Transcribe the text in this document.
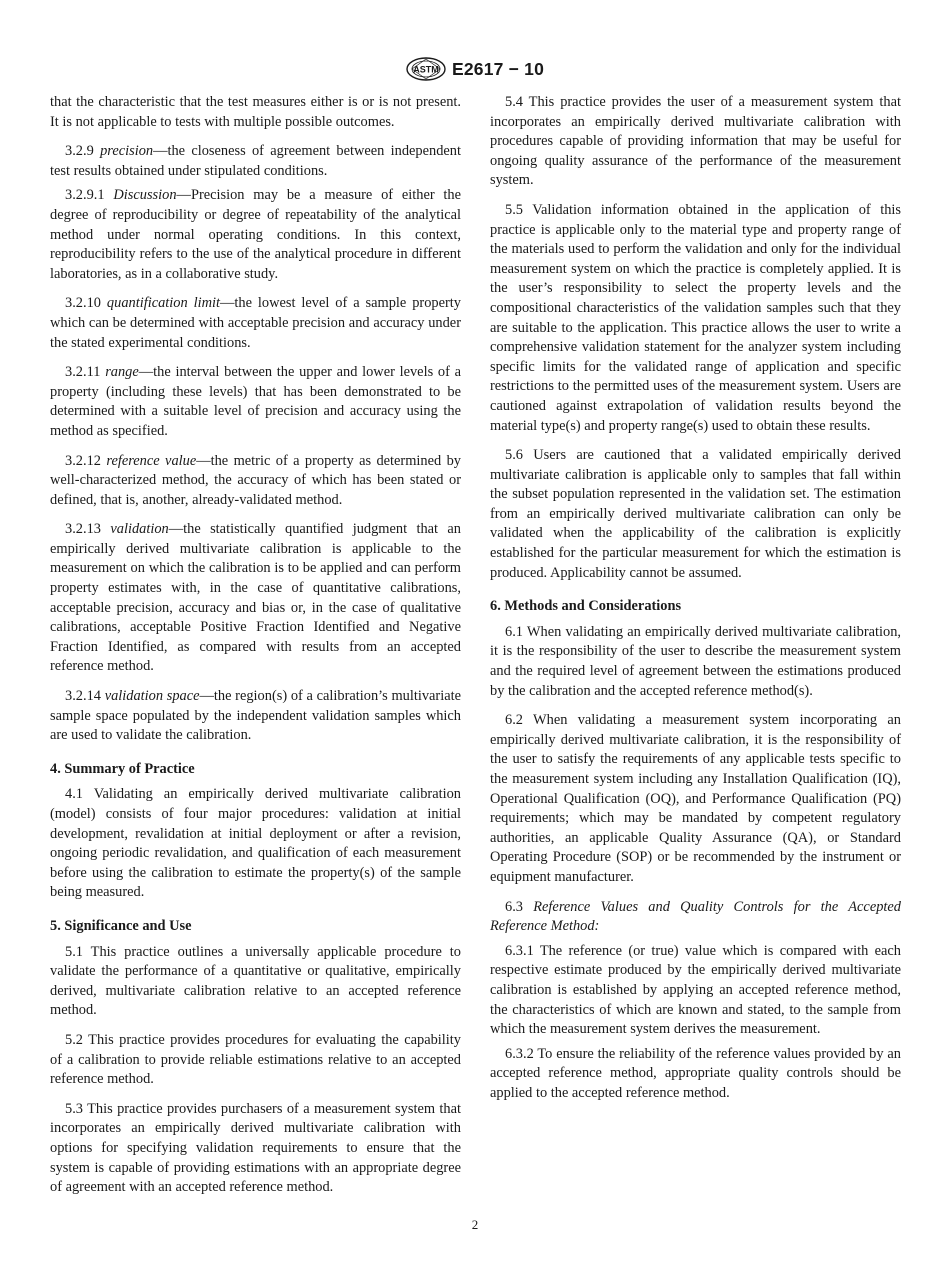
ASTM E2617 − 10

that the characteristic that the test measures either is or is not present. It is not applicable to tests with multiple possible outcomes.

3.2.9 precision—the closeness of agreement between independent test results obtained under stipulated conditions.

3.2.9.1 Discussion—Precision may be a measure of either the degree of reproducibility or degree of repeatability of the analytical method under normal operating conditions. In this context, reproducibility refers to the use of the analytical procedure in different laboratories, as in a collaborative study.

3.2.10 quantification limit—the lowest level of a sample property which can be determined with acceptable precision and accuracy under the stated experimental conditions.

3.2.11 range—the interval between the upper and lower levels of a property (including these levels) that has been demonstrated to be determined with a suitable level of precision and accuracy using the method as specified.

3.2.12 reference value—the metric of a property as determined by well-characterized method, the accuracy of which has been stated or defined, that is, another, already-validated method.

3.2.13 validation—the statistically quantified judgment that an empirically derived multivariate calibration is applicable to the measurement on which the calibration is to be applied and can perform property estimates with, in the case of quantitative calibrations, acceptable precision, accuracy and bias or, in the case of qualitative calibrations, acceptable Positive Fraction Identified and Negative Fraction Identified, as compared with results from an accepted reference method.

3.2.14 validation space—the region(s) of a calibration’s multivariate sample space populated by the independent validation samples which are used to validate the calibration.

4. Summary of Practice

4.1 Validating an empirically derived multivariate calibration (model) consists of four major procedures: validation at initial development, revalidation at initial deployment or after a revision, ongoing periodic revalidation, and qualification of each measurement before using the calibration to estimate the property(s) of the sample being measured.

5. Significance and Use

5.1 This practice outlines a universally applicable procedure to validate the performance of a quantitative or qualitative, empirically derived, multivariate calibration relative to an accepted reference method.

5.2 This practice provides procedures for evaluating the capability of a calibration to provide reliable estimations relative to an accepted reference method.

5.3 This practice provides purchasers of a measurement system that incorporates an empirically derived multivariate calibration with options for specifying validation requirements to ensure that the system is capable of providing estimations with an appropriate degree of agreement with an accepted reference method.

5.4 This practice provides the user of a measurement system that incorporates an empirically derived multivariate calibration with procedures capable of providing information that may be useful for ongoing quality assurance of the performance of the measurement system.

5.5 Validation information obtained in the application of this practice is applicable only to the material type and property range of the materials used to perform the validation and only for the individual measurement system on which the practice is completely applied. It is the user’s responsibility to select the property levels and the compositional characteristics of the validation samples such that they are suitable to the application. This practice allows the user to write a comprehensive validation statement for the analyzer system including specific limits for the validated range of application and specific restrictions to the permitted uses of the measurement system. Users are cautioned against extrapolation of validation results beyond the material type(s) and property range(s) used to obtain these results.

5.6 Users are cautioned that a validated empirically derived multivariate calibration is applicable only to samples that fall within the subset population represented in the validation set. The estimation from an empirically derived multivariate calibration can only be validated when the applicability of the calibration is explicitly established for the particular measurement for which the estimation is produced. Applicability cannot be assumed.

6. Methods and Considerations

6.1 When validating an empirically derived multivariate calibration, it is the responsibility of the user to describe the measurement system and the required level of agreement between the estimations produced by the calibration and the accepted reference method(s).

6.2 When validating a measurement system incorporating an empirically derived multivariate calibration, it is the responsibility of the user to satisfy the requirements of any applicable tests specific to the measurement system including any Installation Qualification (IQ), Operational Qualification (OQ), and Performance Qualification (PQ) requirements; which may be mandated by competent regulatory authorities, an applicable Quality Assurance (QA), or Standard Operating Procedure (SOP) or be recommended by the instrument or equipment manufacturer.

6.3 Reference Values and Quality Controls for the Accepted Reference Method:

6.3.1 The reference (or true) value which is compared with each respective estimate produced by the empirically derived multivariate calibration is established by applying an accepted reference method, the characteristics of which are known and stated, to the sample from which the measurement system derives the measurement.

6.3.2 To ensure the reliability of the reference values provided by an accepted reference method, appropriate quality controls should be applied to the accepted reference method.

2
